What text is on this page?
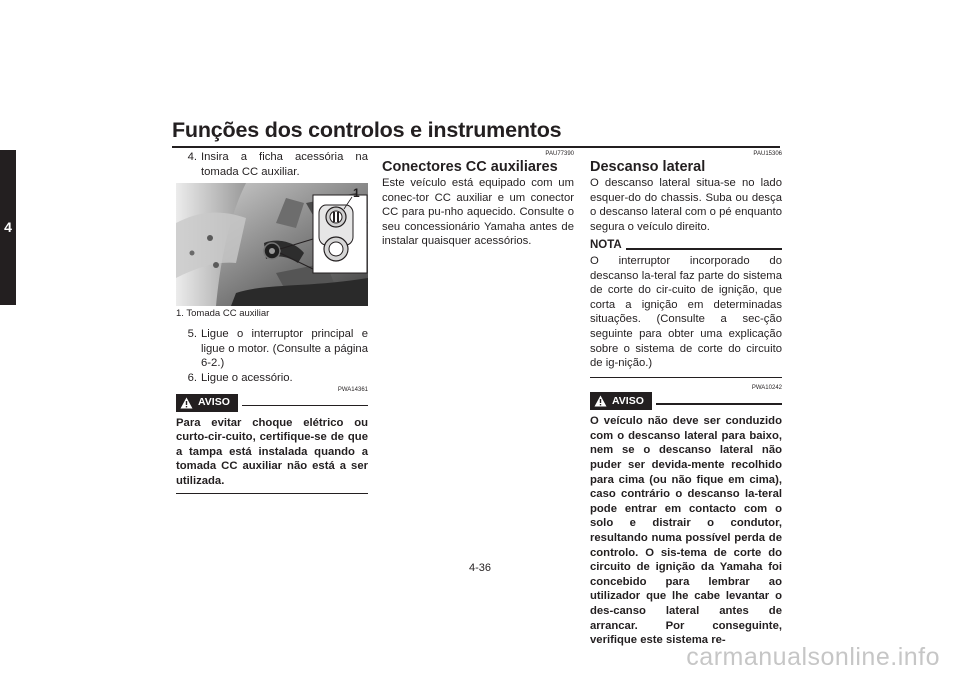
Funções dos controlos e instrumentos
4
4. Insira a ficha acessória na tomada CC auxiliar.
1
1. Tomada CC auxiliar
5. Ligue o interruptor principal e ligue o motor. (Consulte a página 6-2.)
6. Ligue o acessório.
PWA14361
AVISO

Para evitar choque elétrico ou curto-cir-cuito, certifique-se de que a tampa está instalada quando a tomada CC auxiliar não está a ser utilizada.

PAU77390
Conectores CC auxiliares

Este veículo está equipado com um conec-tor CC auxiliar e um conector CC para pu-nho aquecido. Consulte o seu concessionário Yamaha antes de instalar quaisquer acessórios.

PAU15306
Descanso lateral

O descanso lateral situa-se no lado esquer-do do chassis. Suba ou desça o descanso lateral com o pé enquanto segura o veículo direito.

NOTA

O interruptor incorporado do descanso la-teral faz parte do sistema de corte do cir-cuito de ignição, que corta a ignição em determinadas situações. (Consulte a sec-ção seguinte para obter uma explicação sobre o sistema de corte do circuito de ig-nição.)

PWA10242
AVISO

O veículo não deve ser conduzido com o descanso lateral para baixo, nem se o descanso lateral não puder ser devida-mente recolhido para cima (ou não fique em cima), caso contrário o descanso la-teral pode entrar em contacto com o solo e distrair o condutor, resultando numa possível perda de controlo. O sis-tema de corte do circuito de ignição da Yamaha foi concebido para lembrar ao utilizador que lhe cabe levantar o des-canso lateral antes de arrancar. Por conseguinte, verifique este sistema re-

4-36
carmanualsonline.info
